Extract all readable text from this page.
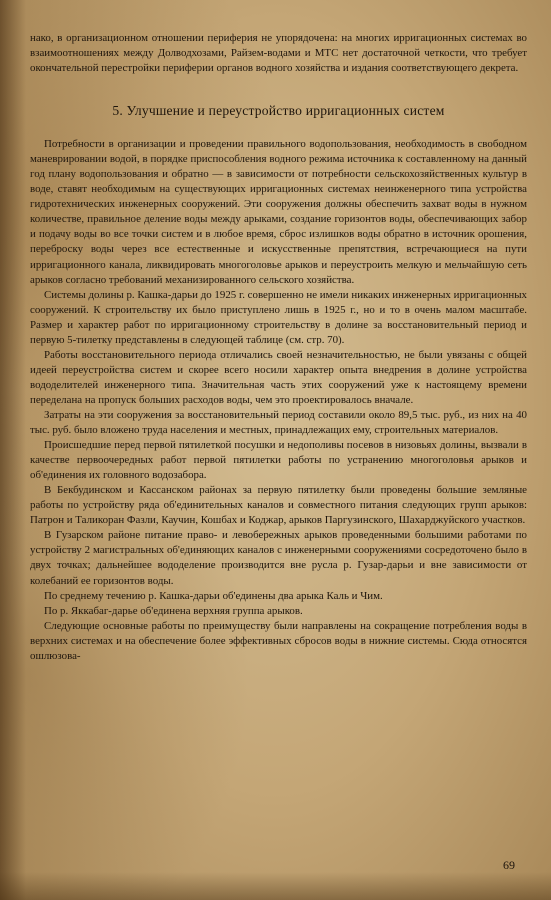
нако, в организационном отношении периферия не упорядочена: на многих ирригационных системах во взаимоотношениях между Долводхозами, Райзем-водами и МТС нет достаточной четкости, что требует окончательной перестройки периферии органов водного хозяйства и издания соответствующего декрета.

5. Улучшение и переустройство ирригационных систем

Потребности в организации и проведении правильного водопользования, необходимость в свободном маневрировании водой, в порядке приспособления водного режима источника к составленному на данный год плану водопользования и обратно — в зависимости от потребности сельскохозяйственных культур в воде, ставят необходимым на существующих ирригационных системах неинженерного типа устройства гидротехнических инженерных сооружений. Эти сооружения должны обеспечить захват воды в нужном количестве, правильное деление воды между арыками, создание горизонтов воды, обеспечивающих забор и подачу воды во все точки систем и в любое время, сброс излишков воды обратно в источник орошения, переброску воды через все естественные и искусственные препятствия, встречающиеся на пути ирригационного канала, ликвидировать многоголовье арыков и переустроить мелкую и мельчайшую сеть арыков согласно требований механизированного сельского хозяйства.

Системы долины р. Кашка-дарьи до 1925 г. совершенно не имели никаких инженерных ирригационных сооружений. К строительству их было приступлено лишь в 1925 г., но и то в очень малом масштабе. Размер и характер работ по ирригационному строительству в долине за восстановительный период и первую 5-тилетку представлены в следующей таблице (см. стр. 70).

Работы восстановительного периода отличались своей незначительностью, не были увязаны с общей идеей переустройства систем и скорее всего носили характер опыта внедрения в долине устройства вододелителей инженерного типа. Значительная часть этих сооружений уже к настоящему времени переделана на пропуск больших расходов воды, чем это проектировалось вначале.

Затраты на эти сооружения за восстановительный период составили около 89,5 тыс. руб., из них на 40 тыс. руб. было вложено труда населения и местных, принадлежащих ему, строительных материалов.

Происшедшие перед первой пятилеткой посушки и недополивы посевов в низовьях долины, вызвали в качестве первоочередных работ первой пятилетки работы по устранению многоголовья арыков и об'единения их головного водозабора.

В Бекбудинском и Кассанском районах за первую пятилетку были проведены большие земляные работы по устройству ряда об'единительных каналов и совместного питания следующих групп арыков: Патрон и Таликоран Фазли, Каучин, Кошбах и Коджар, арыков Паргузинского, Шахарджуйского участков.

В Гузарском районе питание право- и левобережных арыков проведенными большими работами по устройству 2 магистральных об'единяющих каналов с инженерными сооружениями сосредоточено было в двух точках; дальнейшее вододеление производится вне русла р. Гузар-дарьи и вне зависимости от колебаний ее горизонтов воды.

По среднему течению р. Кашка-дарьи об'единены два арыка Каль и Чим.

По р. Яккабаг-дарье об'единена верхняя группа арыков.

Следующие основные работы по преимуществу были направлены на сокращение потребления воды в верхних системах и на обеспечение более эффективных сбросов воды в нижние системы. Сюда относятся ошлюзова-

69
